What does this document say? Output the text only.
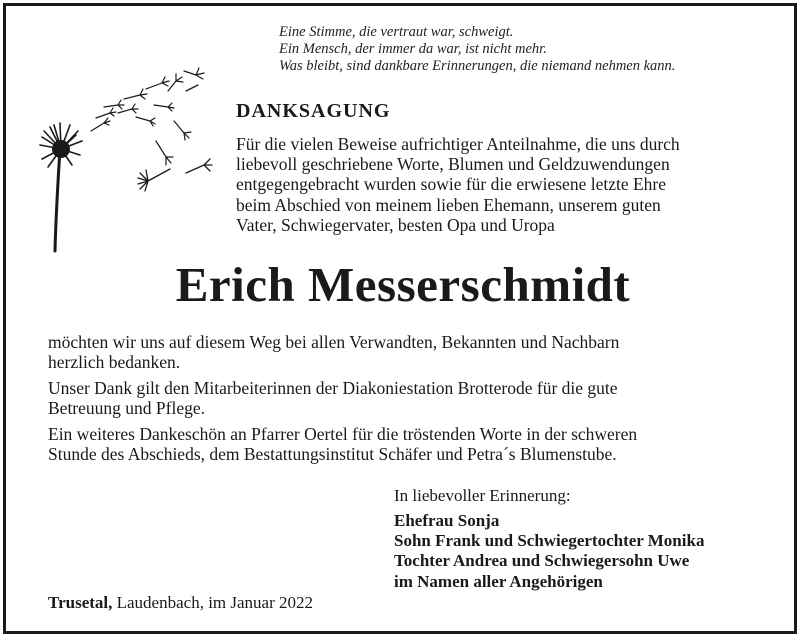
Eine Stimme, die vertraut war, schweigt.
Ein Mensch, der immer da war, ist nicht mehr.
Was bleibt, sind dankbare Erinnerungen, die niemand nehmen kann.
DANKSAGUNG
Für die vielen Beweise aufrichtiger Anteilnahme, die uns durch
liebevoll geschriebene Worte, Blumen und Geldzuwendungen
entgegengebracht wurden sowie für die erwiesene letzte Ehre
beim Abschied von meinem lieben Ehemann, unserem guten
Vater, Schwiegervater, besten Opa und Uropa
Erich Messerschmidt

möchten wir uns auf diesem Weg bei allen Verwandten, Bekannten und Nachbarn
herzlich bedanken.

Unser Dank gilt den Mitarbeiterinnen der Diakoniestation Brotterode für die gute
Betreuung und Pflege.

Ein weiteres Dankeschön an Pfarrer Oertel für die tröstenden Worte in der schweren
Stunde des Abschieds, dem Bestattungsinstitut Schäfer und Petra´s Blumenstube.

In liebevoller Erinnerung:
Ehefrau Sonja
Sohn Frank und Schwiegertochter Monika
Tochter Andrea und Schwiegersohn Uwe
im Namen aller Angehörigen
Trusetal, Laudenbach, im Januar 2022
